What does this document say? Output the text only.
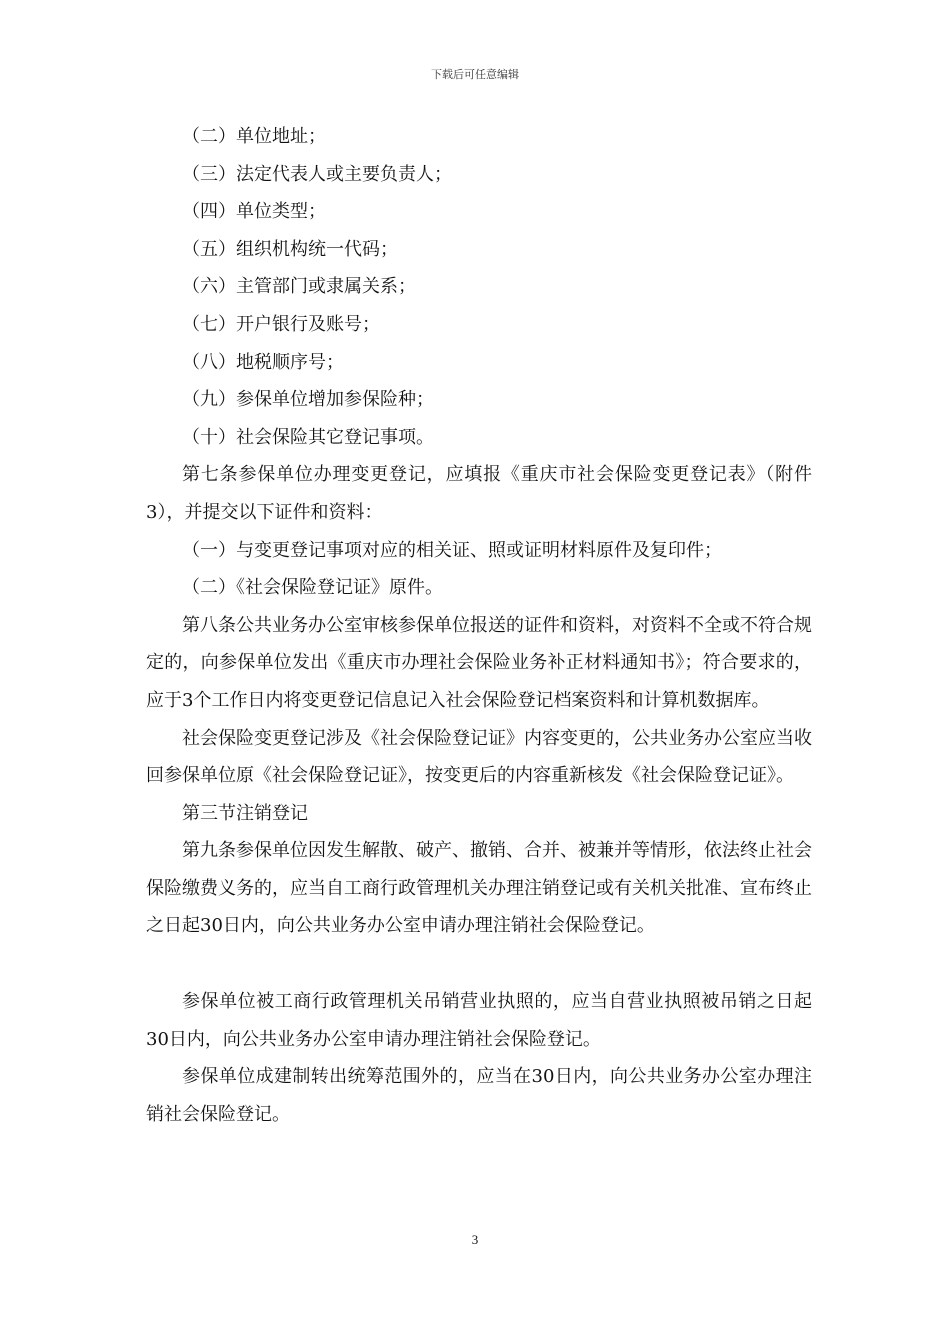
下载后可任意编辑

（二）单位地址；

（三）法定代表人或主要负责人；

（四）单位类型；

（五）组织机构统一代码；

（六）主管部门或隶属关系；

（七）开户银行及账号；

（八）地税顺序号；

（九）参保单位增加参保险种；

（十）社会保险其它登记事项。

第七条参保单位办理变更登记，应填报《重庆市社会保险变更登记表》（附件3），并提交以下证件和资料：

（一）与变更登记事项对应的相关证、照或证明材料原件及复印件；

（二）《社会保险登记证》原件。

第八条公共业务办公室审核参保单位报送的证件和资料，对资料不全或不符合规定的，向参保单位发出《重庆市办理社会保险业务补正材料通知书》；符合要求的，应于3个工作日内将变更登记信息记入社会保险登记档案资料和计算机数据库。

社会保险变更登记涉及《社会保险登记证》内容变更的，公共业务办公室应当收回参保单位原《社会保险登记证》，按变更后的内容重新核发《社会保险登记证》。

第三节注销登记

第九条参保单位因发生解散、破产、撤销、合并、被兼并等情形，依法终止社会保险缴费义务的，应当自工商行政管理机关办理注销登记或有关机关批准、宣布终止之日起30日内，向公共业务办公室申请办理注销社会保险登记。

参保单位被工商行政管理机关吊销营业执照的，应当自营业执照被吊销之日起30日内，向公共业务办公室申请办理注销社会保险登记。

参保单位成建制转出统筹范围外的，应当在30日内，向公共业务办公室办理注销社会保险登记。

3
